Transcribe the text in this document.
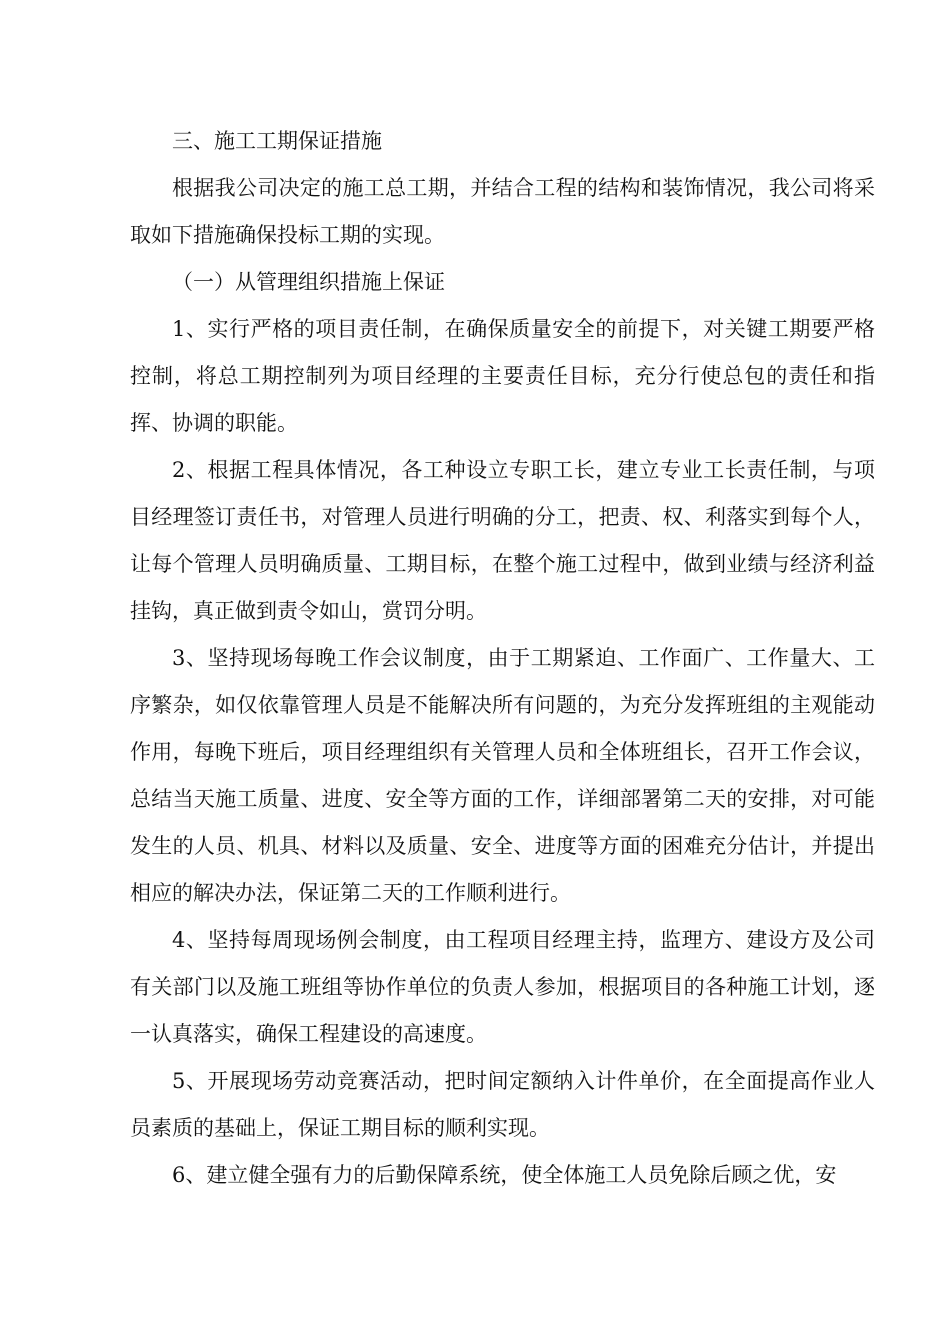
三、施工工期保证措施

根据我公司决定的施工总工期，并结合工程的结构和装饰情况，我公司将采取如下措施确保投标工期的实现。

（一）从管理组织措施上保证

1、实行严格的项目责任制，在确保质量安全的前提下，对关键工期要严格控制，将总工期控制列为项目经理的主要责任目标，充分行使总包的责任和指挥、协调的职能。

2、根据工程具体情况，各工种设立专职工长，建立专业工长责任制，与项目经理签订责任书，对管理人员进行明确的分工，把责、权、利落实到每个人，让每个管理人员明确质量、工期目标，在整个施工过程中，做到业绩与经济利益挂钩，真正做到责令如山，赏罚分明。

3、坚持现场每晚工作会议制度，由于工期紧迫、工作面广、工作量大、工序繁杂，如仅依靠管理人员是不能解决所有问题的，为充分发挥班组的主观能动作用，每晚下班后，项目经理组织有关管理人员和全体班组长，召开工作会议，总结当天施工质量、进度、安全等方面的工作，详细部署第二天的安排，对可能发生的人员、机具、材料以及质量、安全、进度等方面的困难充分估计，并提出相应的解决办法，保证第二天的工作顺利进行。

4、坚持每周现场例会制度，由工程项目经理主持，监理方、建设方及公司有关部门以及施工班组等协作单位的负责人参加，根据项目的各种施工计划，逐一认真落实，确保工程建设的高速度。

5、开展现场劳动竞赛活动，把时间定额纳入计件单价，在全面提高作业人员素质的基础上，保证工期目标的顺利实现。

6、建立健全强有力的后勤保障系统，使全体施工人员免除后顾之优，安
